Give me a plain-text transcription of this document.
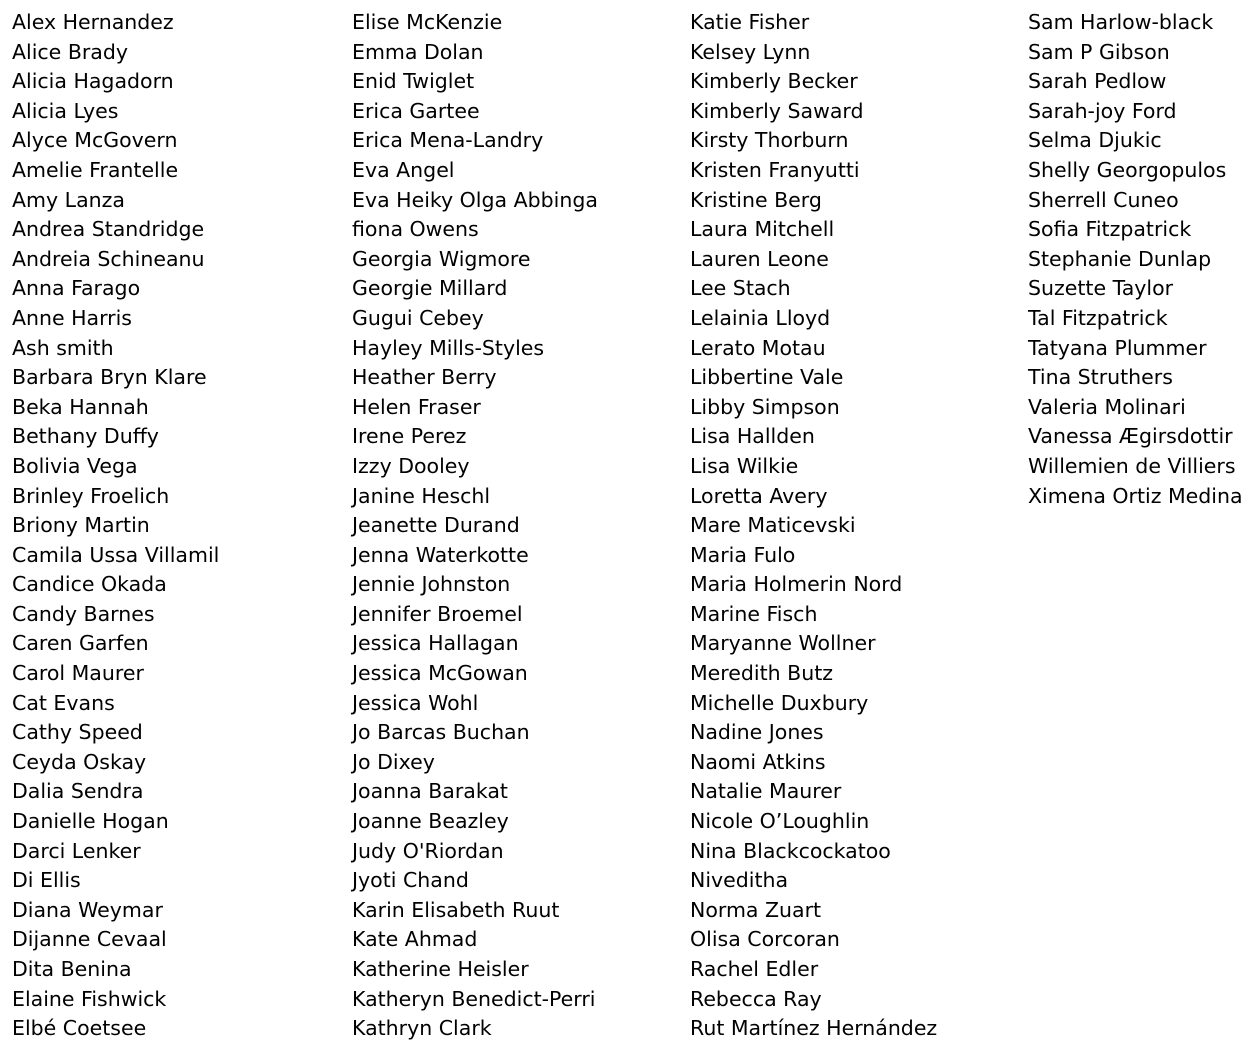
Alex Hernandez
Alice Brady
Alicia Hagadorn
Alicia Lyes
Alyce McGovern
Amelie Frantelle
Amy Lanza
Andrea Standridge
Andreia Schineanu
Anna Farago
Anne Harris
Ash smith
Barbara Bryn Klare
Beka Hannah
Bethany Duffy
Bolivia Vega
Brinley Froelich
Briony Martin
Camila Ussa Villamil
Candice Okada
Candy Barnes
Caren Garfen
Carol Maurer
Cat Evans
Cathy Speed
Ceyda Oskay
Dalia Sendra
Danielle Hogan
Darci Lenker
Di Ellis
Diana Weymar
Dijanne Cevaal
Dita Benina
Elaine Fishwick
Elbé Coetsee
Elise McKenzie
Emma Dolan
Enid Twiglet
Erica Gartee
Erica Mena-Landry
Eva Angel
Eva Heiky Olga Abbinga
fiona Owens
Georgia Wigmore
Georgie Millard
Gugui Cebey
Hayley Mills-Styles
Heather Berry
Helen Fraser
Irene Perez
Izzy Dooley
Janine Heschl
Jeanette Durand
Jenna Waterkotte
Jennie Johnston
Jennifer Broemel
Jessica Hallagan
Jessica McGowan
Jessica Wohl
Jo Barcas Buchan
Jo Dixey
Joanna Barakat
Joanne Beazley
Judy O'Riordan
Jyoti Chand
Karin Elisabeth Ruut
Kate Ahmad
Katherine Heisler
Katheryn Benedict-Perri
Kathryn Clark
Katie Fisher
Kelsey Lynn
Kimberly Becker
Kimberly Saward
Kirsty Thorburn
Kristen Franyutti
Kristine Berg
Laura Mitchell
Lauren Leone
Lee Stach
Lelainia Lloyd
Lerato Motau
Libbertine Vale
Libby Simpson
Lisa Hallden
Lisa Wilkie
Loretta Avery
Mare Maticevski
Maria Fulo
Maria Holmerin Nord
Marine Fisch
Maryanne Wollner
Meredith Butz
Michelle Duxbury
Nadine Jones
Naomi Atkins
Natalie Maurer
Nicole O’Loughlin
Nina Blackcockatoo
Niveditha
Norma Zuart
Olisa Corcoran
Rachel Edler
Rebecca Ray
Rut Martínez Hernández
Sam Harlow-black
Sam P Gibson
Sarah Pedlow
Sarah-joy Ford
Selma Djukic
Shelly Georgopulos
Sherrell Cuneo
Sofia Fitzpatrick
Stephanie Dunlap
Suzette Taylor
Tal Fitzpatrick
Tatyana Plummer
Tina Struthers
Valeria Molinari
Vanessa Ægirsdottir
Willemien de Villiers
Ximena Ortiz Medina
